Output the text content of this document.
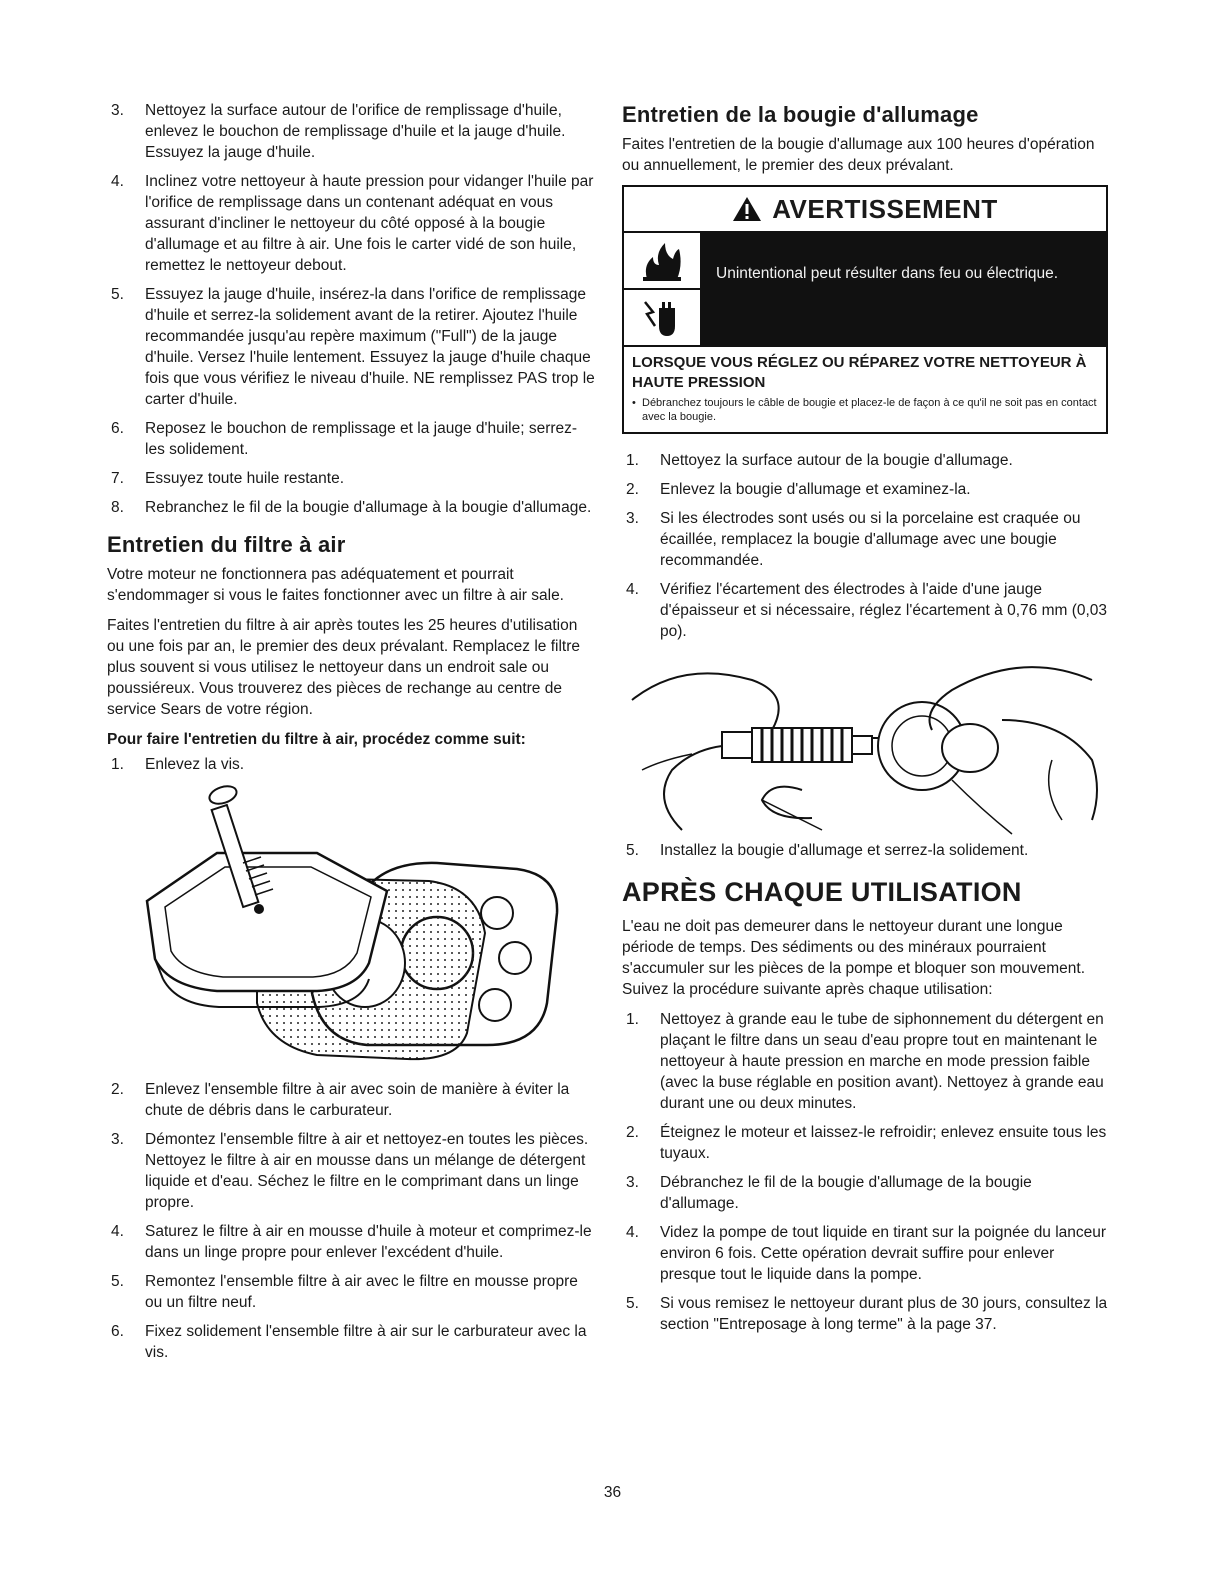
3. Nettoyez la surface autour de l'orifice de remplissage d'huile, enlevez le bouchon de remplissage d'huile et la jauge d'huile. Essuyez la jauge d'huile.
4. Inclinez votre nettoyeur à haute pression pour vidanger l'huile par l'orifice de remplissage dans un contenant adéquat en vous assurant d'incliner le nettoyeur du côté opposé à la bougie d'allumage et au filtre à air. Une fois le carter vidé de son huile, remettez le nettoyeur debout.
5. Essuyez la jauge d'huile, insérez-la dans l'orifice de remplissage d'huile et serrez-la solidement avant de la retirer. Ajoutez l'huile recommandée jusqu'au repère maximum ("Full") de la jauge d'huile. Versez l'huile lentement. Essuyez la jauge d'huile chaque fois que vous vérifiez le niveau d'huile. NE remplissez PAS trop le carter d'huile.
6. Reposez le bouchon de remplissage et la jauge d'huile; serrez-les solidement.
7. Essuyez toute huile restante.
8. Rebranchez le fil de la bougie d'allumage à la bougie d'allumage.
Entretien du filtre à air

Votre moteur ne fonctionnera pas adéquatement et pourrait s'endommager si vous le faites fonctionner avec un filtre à air sale.

Faites l'entretien du filtre à air après toutes les 25 heures d'utilisation ou une fois par an, le premier des deux prévalant. Remplacez le filtre plus souvent si vous utilisez le nettoyeur dans un endroit sale ou poussiéreux. Vous trouverez des pièces de rechange au centre de service Sears de votre région.

Pour faire l'entretien du filtre à air, procédez comme suit:

1. Enlevez la vis.
2. Enlevez l'ensemble filtre à air avec soin de manière à éviter la chute de débris dans le carburateur.
3. Démontez l'ensemble filtre à air et nettoyez-en toutes les pièces. Nettoyez le filtre à air en mousse dans un mélange de détergent liquide et d'eau. Séchez le filtre en le comprimant dans un linge propre.
4. Saturez le filtre à air en mousse d'huile à moteur et comprimez-le dans un linge propre pour enlever l'excédent d'huile.
5. Remontez l'ensemble filtre à air avec le filtre en mousse propre ou un filtre neuf.
6. Fixez solidement l'ensemble filtre à air sur le carburateur avec la vis.
Entretien de la bougie d'allumage

Faites l'entretien de la bougie d'allumage aux 100 heures d'opération ou annuellement, le premier des deux prévalant.

AVERTISSEMENT
Unintentional peut résulter dans feu ou électrique.
LORSQUE VOUS RÉGLEZ OU RÉPAREZ VOTRE NETTOYEUR À HAUTE PRESSION
• Débranchez toujours le câble de bougie et placez-le de façon à ce qu'il ne soit pas en contact avec la bougie.
1. Nettoyez la surface autour de la bougie d'allumage.
2. Enlevez la bougie d'allumage et examinez-la.
3. Si les électrodes sont usés ou si la porcelaine est craquée ou écaillée, remplacez la bougie d'allumage avec une bougie recommandée.
4. Vérifiez l'écartement des électrodes à l'aide d'une jauge d'épaisseur et si nécessaire, réglez l'écartement à 0,76 mm (0,03 po).
5. Installez la bougie d'allumage et serrez-la solidement.
APRÈS CHAQUE UTILISATION

L'eau ne doit pas demeurer dans le nettoyeur durant une longue période de temps. Des sédiments ou des minéraux pourraient s'accumuler sur les pièces de la pompe et bloquer son mouvement. Suivez la procédure suivante après chaque utilisation:

1. Nettoyez à grande eau le tube de siphonnement du détergent en plaçant le filtre dans un seau d'eau propre tout en maintenant le nettoyeur à haute pression en marche en mode pression faible (avec la buse réglable en position avant). Nettoyez à grande eau durant une ou deux minutes.
2. Éteignez le moteur et laissez-le refroidir; enlevez ensuite tous les tuyaux.
3. Débranchez le fil de la bougie d'allumage de la bougie d'allumage.
4. Videz la pompe de tout liquide en tirant sur la poignée du lanceur environ 6 fois. Cette opération devrait suffire pour enlever presque tout le liquide dans la pompe.
5. Si vous remisez le nettoyeur durant plus de 30 jours, consultez la section "Entreposage à long terme" à la page 37.
36
